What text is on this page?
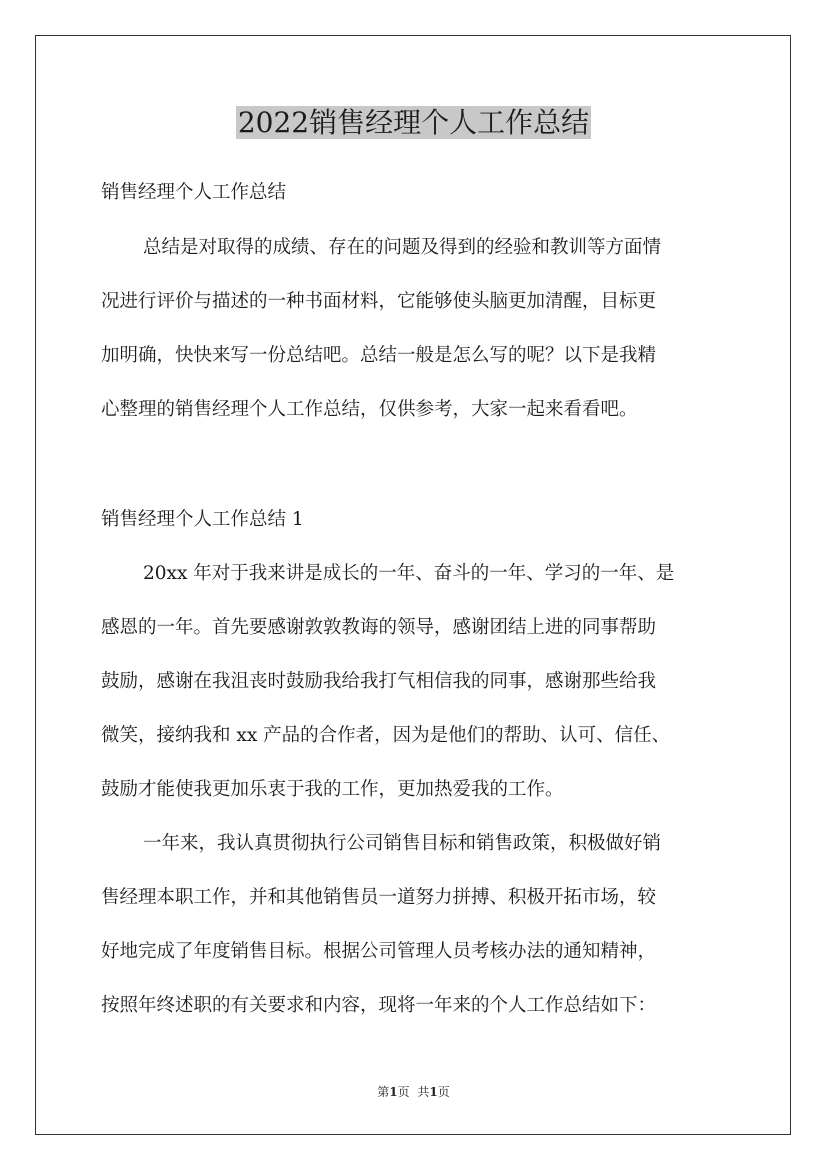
2022销售经理个人工作总结

销售经理个人工作总结

总结是对取得的成绩、存在的问题及得到的经验和教训等方面情

况进行评价与描述的一种书面材料，它能够使头脑更加清醒，目标更

加明确，快快来写一份总结吧。总结一般是怎么写的呢？以下是我精

心整理的销售经理个人工作总结，仅供参考，大家一起来看看吧。

销售经理个人工作总结 1

20xx 年对于我来讲是成长的一年、奋斗的一年、学习的一年、是

感恩的一年。首先要感谢敦敦教诲的领导，感谢团结上进的同事帮助

鼓励，感谢在我沮丧时鼓励我给我打气相信我的同事，感谢那些给我

微笑，接纳我和 xx 产品的合作者，因为是他们的帮助、认可、信任、

鼓励才能使我更加乐衷于我的工作，更加热爱我的工作。

一年来，我认真贯彻执行公司销售目标和销售政策，积极做好销

售经理本职工作，并和其他销售员一道努力拼搏、积极开拓市场，较

好地完成了年度销售目标。根据公司管理人员考核办法的通知精神，

按照年终述职的有关要求和内容，现将一年来的个人工作总结如下：

第1页 共1页
